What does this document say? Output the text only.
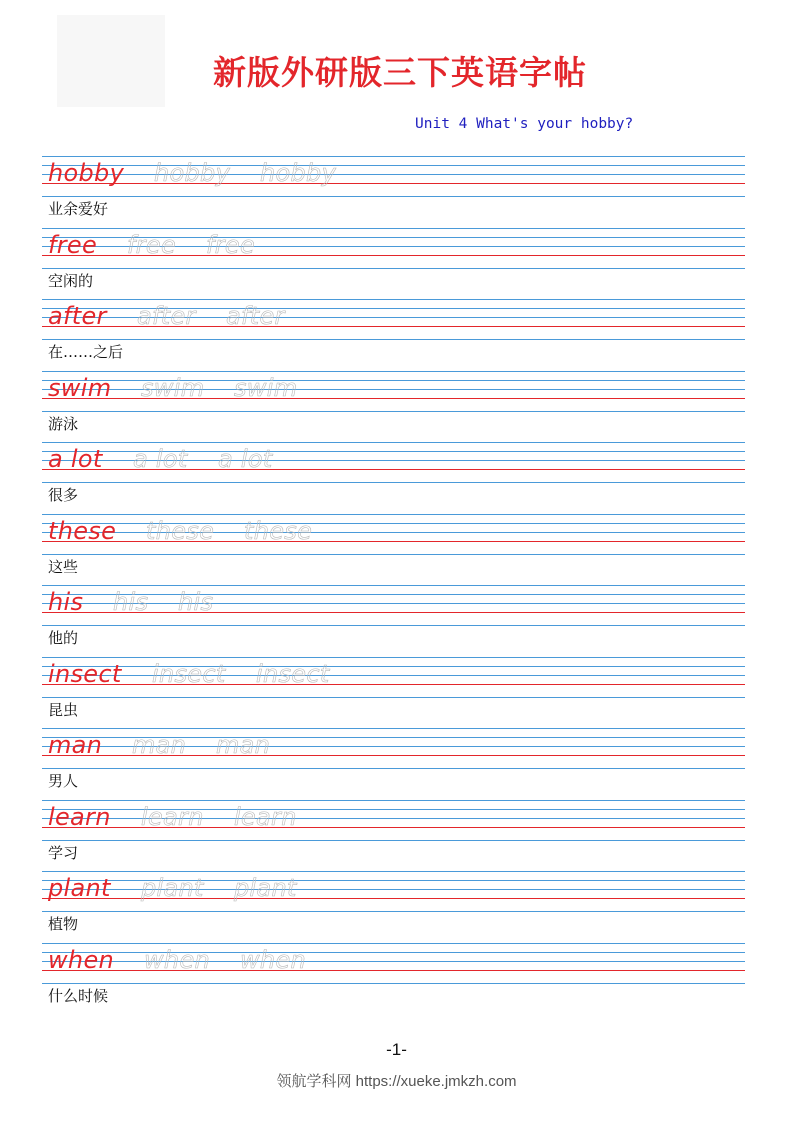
新版外研版三下英语字帖
Unit 4 What's your hobby?
hobby hobby hobby
业余爱好
free free free
空闲的
after after after
在……之后
swim swim swim
游泳
a lot a lot a lot
很多
these these these
这些
his his his
他的
insect insect insect
昆虫
man man man
男人
learn learn learn
学习
plant plant plant
植物
when when when
什么时候
-1-
领航学科网 https://xueke.jmkzh.com
